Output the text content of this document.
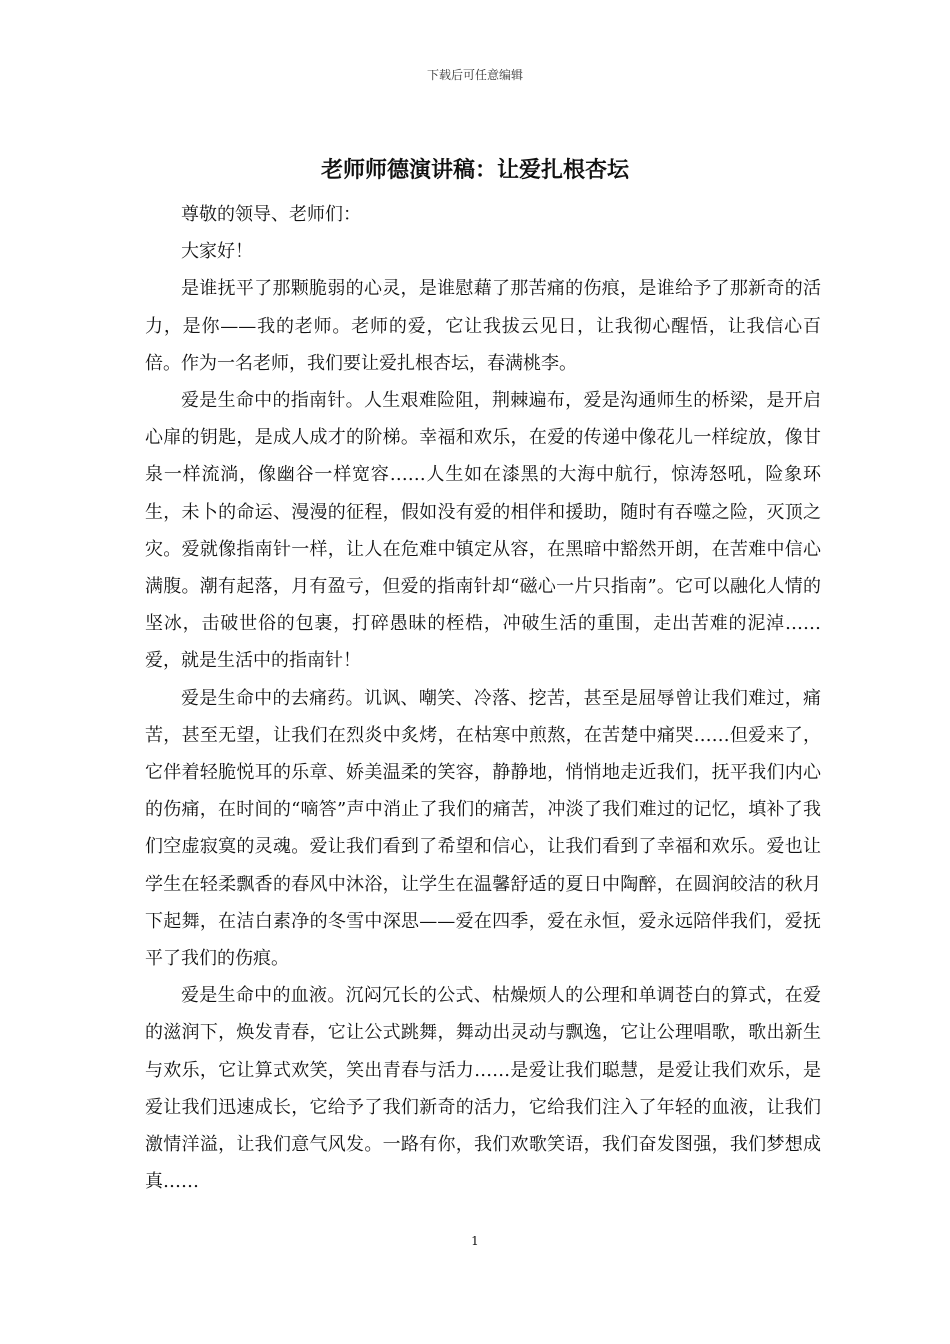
下载后可任意编辑
老师师德演讲稿：让爱扎根杏坛

尊敬的领导、老师们：

大家好！

是谁抚平了那颗脆弱的心灵，是谁慰藉了那苦痛的伤痕，是谁给予了那新奇的活力，是你——我的老师。老师的爱，它让我拔云见日，让我彻心醒悟，让我信心百倍。作为一名老师，我们要让爱扎根杏坛，春满桃李。

爱是生命中的指南针。人生艰难险阻，荆棘遍布，爱是沟通师生的桥梁，是开启心扉的钥匙，是成人成才的阶梯。幸福和欢乐，在爱的传递中像花儿一样绽放，像甘泉一样流淌，像幽谷一样宽容……人生如在漆黑的大海中航行，惊涛怒吼，险象环生，未卜的命运、漫漫的征程，假如没有爱的相伴和援助，随时有吞噬之险，灭顶之灾。爱就像指南针一样，让人在危难中镇定从容，在黑暗中豁然开朗，在苦难中信心满腹。潮有起落，月有盈亏，但爱的指南针却“磁心一片只指南”。它可以融化人情的坚冰，击破世俗的包裹，打碎愚昧的桎梏，冲破生活的重围，走出苦难的泥淖……爱，就是生活中的指南针！

爱是生命中的去痛药。讥讽、嘲笑、冷落、挖苦，甚至是屈辱曾让我们难过，痛苦，甚至无望，让我们在烈炎中炙烤，在枯寒中煎熬，在苦楚中痛哭……但爱来了，它伴着轻脆悦耳的乐章、娇美温柔的笑容，静静地，悄悄地走近我们，抚平我们内心的伤痛，在时间的“嘀答”声中消止了我们的痛苦，冲淡了我们难过的记忆，填补了我们空虚寂寞的灵魂。爱让我们看到了希望和信心，让我们看到了幸福和欢乐。爱也让学生在轻柔飘香的春风中沐浴，让学生在温馨舒适的夏日中陶醉，在圆润皎洁的秋月下起舞，在洁白素净的冬雪中深思——爱在四季，爱在永恒，爱永远陪伴我们，爱抚平了我们的伤痕。

爱是生命中的血液。沉闷冗长的公式、枯燥烦人的公理和单调苍白的算式，在爱的滋润下，焕发青春，它让公式跳舞，舞动出灵动与飘逸，它让公理唱歌，歌出新生与欢乐，它让算式欢笑，笑出青春与活力……是爱让我们聪慧，是爱让我们欢乐，是爱让我们迅速成长，它给予了我们新奇的活力，它给我们注入了年轻的血液，让我们激情洋溢，让我们意气风发。一路有你，我们欢歌笑语，我们奋发图强，我们梦想成真……

1
